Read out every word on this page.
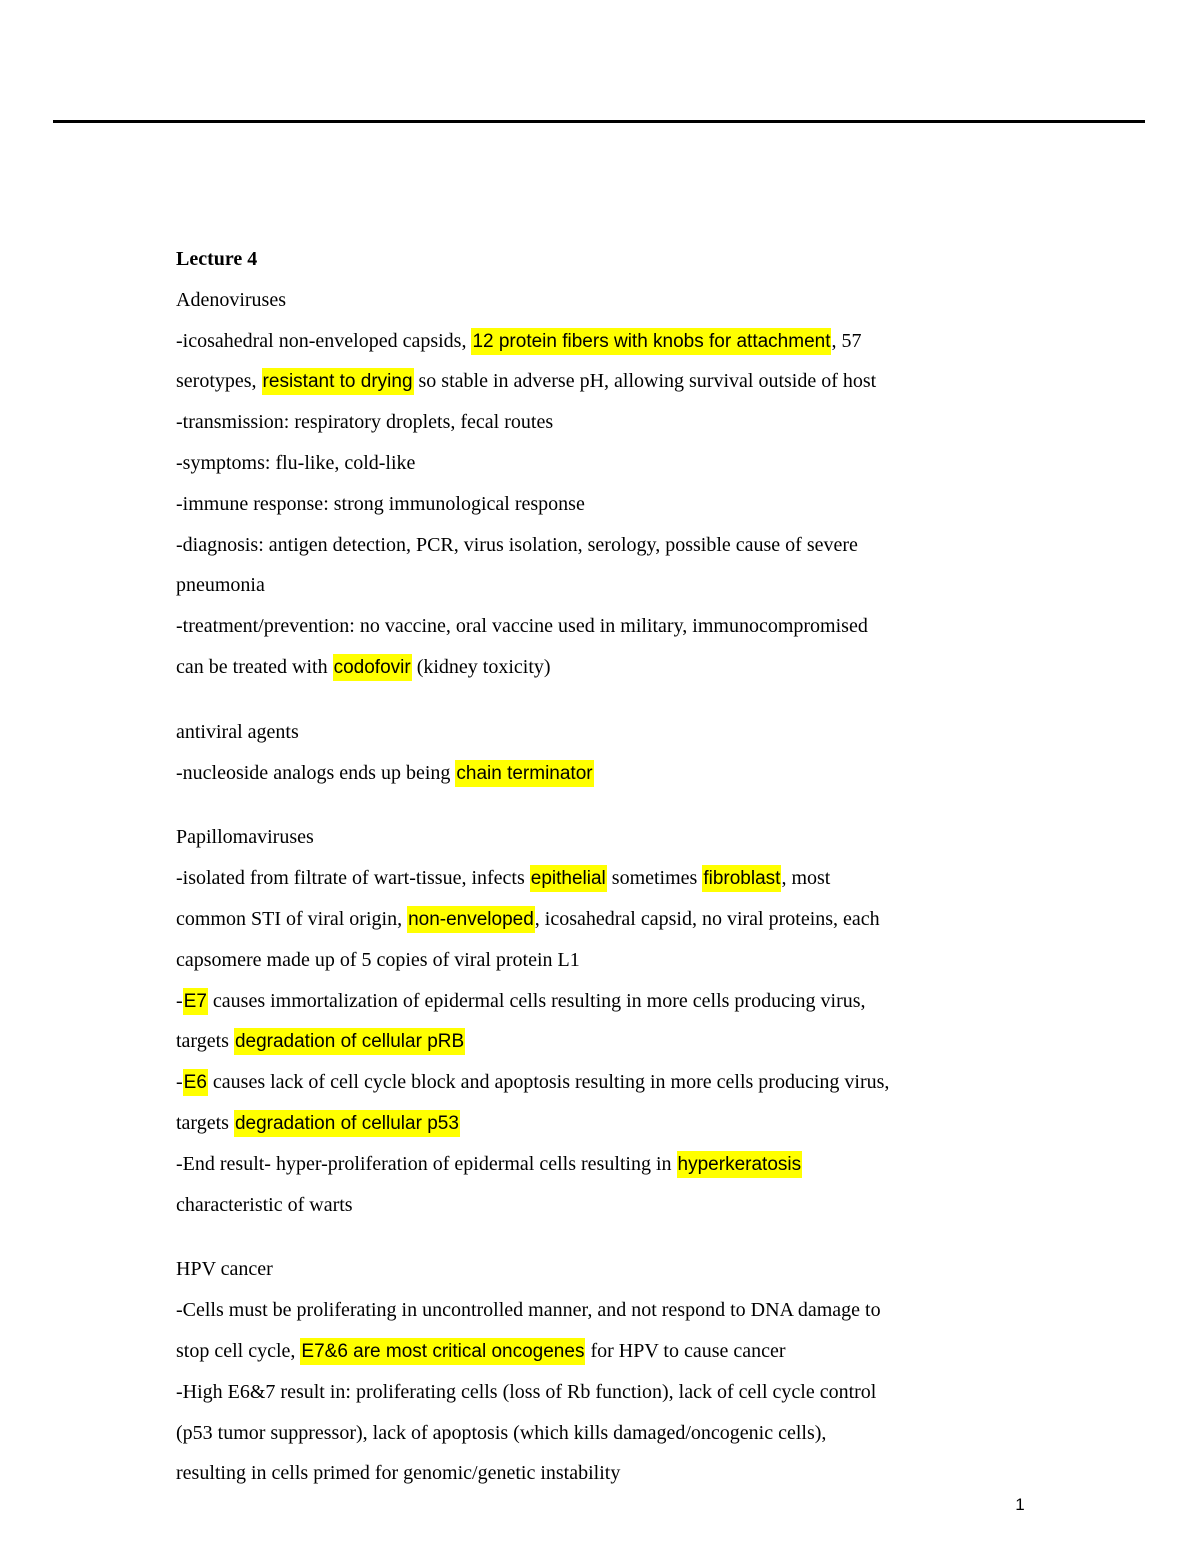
Lecture 4
Adenoviruses
-icosahedral non-enveloped capsids, 12 protein fibers with knobs for attachment, 57
serotypes, resistant to drying so stable in adverse pH, allowing survival outside of host
-transmission: respiratory droplets, fecal routes
-symptoms: flu-like, cold-like
-immune response: strong immunological response
-diagnosis: antigen detection, PCR, virus isolation, serology, possible cause of severe
pneumonia
-treatment/prevention: no vaccine, oral vaccine used in military, immunocompromised
can be treated with codofovir (kidney toxicity)
antiviral agents
-nucleoside analogs ends up being chain terminator
Papillomaviruses
-isolated from filtrate of wart-tissue, infects epithelial sometimes fibroblast, most
common STI of viral origin, non-enveloped, icosahedral capsid, no viral proteins, each
capsomere made up of 5 copies of viral protein L1
-E7 causes immortalization of epidermal cells resulting in more cells producing virus,
targets degradation of cellular pRB
-E6 causes lack of cell cycle block and apoptosis resulting in more cells producing virus,
targets degradation of cellular p53
-End result- hyper-proliferation of epidermal cells resulting in hyperkeratosis
characteristic of warts
HPV cancer
-Cells must be proliferating in uncontrolled manner, and not respond to DNA damage to
stop cell cycle, E7&6 are most critical oncogenes for HPV to cause cancer
-High E6&7 result in: proliferating cells (loss of Rb function), lack of cell cycle control
(p53 tumor suppressor), lack of apoptosis (which kills damaged/oncogenic cells),
resulting in cells primed for genomic/genetic instability
1
